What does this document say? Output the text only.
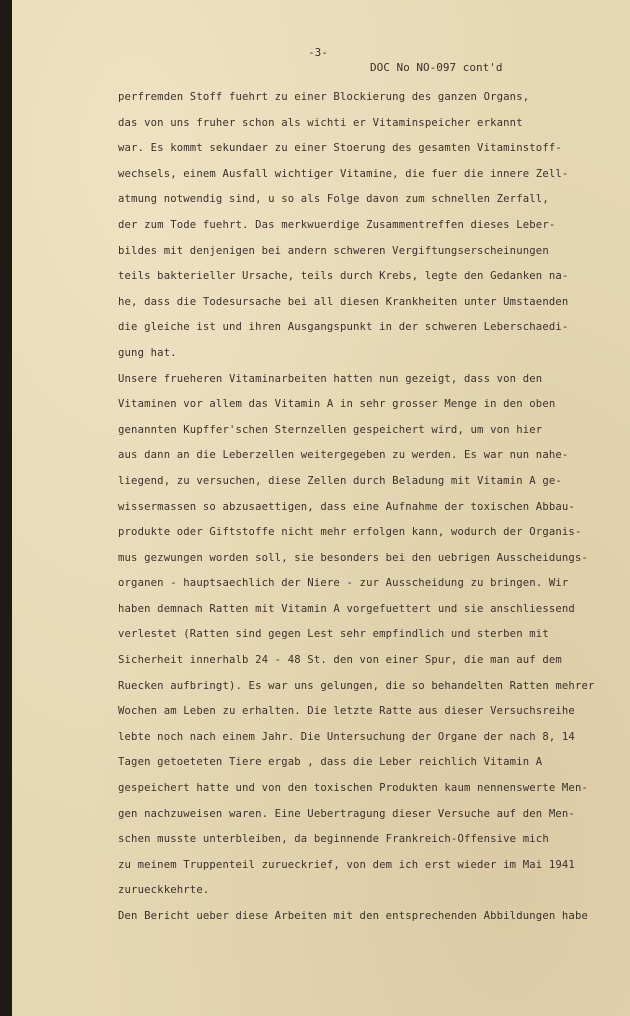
-3-

DOC No NO-097 cont'd

perfremden Stoff fuehrt zu einer Blockierung des ganzen Organs,
das von uns fruher schon als wichti er Vitaminspeicher erkannt
war. Es kommt sekundaer zu einer Stoerung des gesamten Vitaminstoff-
wechsels, einem Ausfall wichtiger Vitamine, die fuer die innere Zell-
atmung notwendig sind, u so als Folge davon zum schnellen Zerfall,
der zum Tode fuehrt. Das merkwuerdige Zusammentreffen dieses Leber-
bildes mit denjenigen bei andern schweren Vergiftungserscheinungen
teils bakterieller Ursache, teils durch Krebs, legte den Gedanken na-
he, dass die Todesursache bei all diesen Krankheiten unter Umstaenden
die gleiche ist und ihren Ausgangspunkt in der schweren Leberschaedi-
gung hat.
Unsere frueheren Vitaminarbeiten hatten nun gezeigt, dass von den
Vitaminen vor allem das Vitamin A in sehr grosser Menge in den oben
genannten Kupffer'schen Sternzellen gespeichert wird, um von hier
aus dann an die Leberzellen weitergegeben zu werden. Es war nun nahe-
liegend, zu versuchen, diese Zellen durch Beladung mit Vitamin A ge-
wissermassen so abzusaettigen, dass eine Aufnahme der toxischen Abbau-
produkte oder Giftstoffe nicht mehr erfolgen kann, wodurch der Organis-
mus gezwungen worden soll, sie besonders bei den uebrigen Ausscheidungs-
organen - hauptsaechlich der Niere - zur Ausscheidung zu bringen. Wir
haben demnach Ratten mit Vitamin A vorgefuettert und sie anschliessend
verlestet (Ratten sind gegen Lest sehr empfindlich und sterben mit
Sicherheit innerhalb 24 - 48 St. den von einer Spur, die man auf dem
Ruecken aufbringt). Es war uns gelungen, die so behandelten Ratten mehrer
Wochen am Leben zu erhalten. Die letzte Ratte aus dieser Versuchsreihe
lebte noch nach einem Jahr. Die Untersuchung der Organe der nach 8, 14
Tagen getoeteten Tiere ergab , dass die Leber reichlich Vitamin A
gespeichert hatte und von den toxischen Produkten kaum nennenswerte Men-
gen nachzuweisen waren. Eine Uebertragung dieser Versuche auf den Men-
schen musste unterbleiben, da beginnende Frankreich-Offensive mich
zu meinem Truppenteil zurueckrief, von dem ich erst wieder im Mai 1941
zurueckkehrte.
Den Bericht ueber diese Arbeiten mit den entsprechenden Abbildungen habe
